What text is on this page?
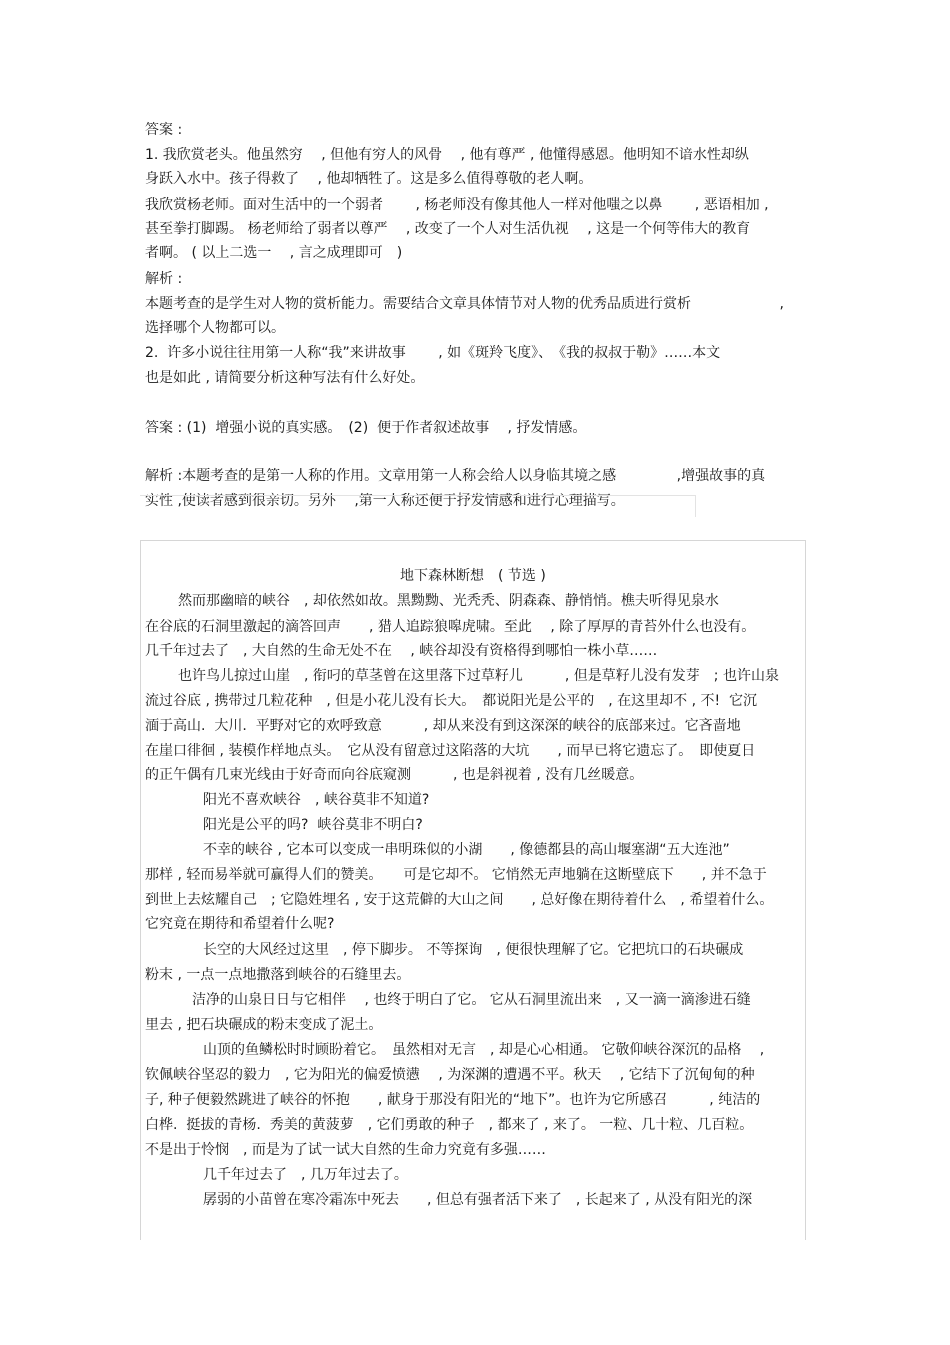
答案 :

1. 我欣赏老头。他虽然穷　 , 但他有穷人的风骨　 , 他有尊严 , 他懂得感恩。他明知不谙水性却纵

身跃入水中。孩子得救了　 , 他却牺牲了。这是多么值得尊敬的老人啊。

我欣赏杨老师。面对生活中的一个弱者　　 , 杨老师没有像其他人一样对他嗤之以鼻　　 , 恶语相加 ,

甚至拳打脚踢。 杨老师给了弱者以尊严　 , 改变了一个人对生活仇视　 , 这是一个何等伟大的教育

者啊。 ( 以上二选一　 , 言之成理即可　)

解析 :

本题考查的是学生对人物的赏析能力。需要结合文章具体情节对人物的优秀品质进行赏析　　　　　　 ,

选择哪个人物都可以。

2.  许多小说往往用第一人称“我”来讲故事　　 , 如《斑羚飞度》、　《我的叔叔于勒》……本文

也是如此 , 请简要分析这种写法有什么好处。

答案 : (1)  增强小说的真实感。　(2)  便于作者叙述故事　 , 抒发情感。

解析 :本题考查的是第一人称的作用。文章用第一人称会给人以身临其境之感　　　　 ,增强故事的真

实性 ,使读者感到很亲切。另外　 ,第一人称还便于抒发情感和进行心理描写。

地下森林断想　( 节选 )

然而那幽暗的峡谷　, 却依然如故。黑黝黝、光秃秃、阴森森、静悄悄。樵夫听得见泉水

在谷底的石洞里激起的滴答回声　　, 猎人追踪狼嗥虎啸。至此　 , 除了厚厚的青苔外什么也没有。

几千年过去了　, 大自然的生命无处不在　 , 峡谷却没有资格得到哪怕一株小草……

也许鸟儿掠过山崖　, 衔叼的草茎曾在这里落下过草籽儿　　　, 但是草籽儿没有发芽　; 也许山泉

流过谷底 , 携带过几粒花种　, 但是小花儿没有长大。　都说阳光是公平的　, 在这里却不 , 不!  它沉

湎于高山.  大川.  平野对它的欢呼致意　　　, 却从来没有到这深深的峡谷的底部来过。它吝啬地

在崖口徘徊 , 装模作样地点头。　它从没有留意过这陷落的大坑　　, 而早已将它遗忘了。　即使夏日

的正午偶有几束光线由于好奇而向谷底窥测　　　, 也是斜视着 , 没有几丝暖意。

阳光不喜欢峡谷　, 峡谷莫非不知道?

阳光是公平的吗?  峡谷莫非不明白?

不幸的峡谷 , 它本可以变成一串明珠似的小湖　　, 像德都县的高山堰塞湖“五大连池”

那样 , 轻而易举就可赢得人们的赞美。　　可是它却不。 它悄然无声地躺在这断壁底下　　, 并不急于

到世上去炫耀自己　; 它隐姓埋名 , 安于这荒僻的大山之间　　, 总好像在期待着什么　, 希望着什么。

它究竟在期待和希望着什么呢?

长空的大风经过这里　, 停下脚步。 不等探询　, 便很快理解了它。它把坑口的石块碾成

粉末 , 一点一点地撒落到峡谷的石缝里去。

洁净的山泉日日与它相伴　 , 也终于明白了它。 它从石洞里流出来　, 又一滴一滴渗进石缝

里去 , 把石块碾成的粉末变成了泥土。

山顶的鱼鳞松时时顾盼着它。　虽然相对无言　, 却是心心相通。 它敬仰峡谷深沉的品格　 ,

钦佩峡谷坚忍的毅力　, 它为阳光的偏爱愤懑　 , 为深渊的遭遇不平。秋天　 , 它结下了沉甸甸的种

子, 种子便毅然跳进了峡谷的怀抱　　, 献身于那没有阳光的“地下”。也许为它所感召　　　, 纯洁的

白桦.  挺拔的青杨.  秀美的黄菠萝　, 它们勇敢的种子　, 都来了 , 来了。 一粒、几十粒、几百粒。

不是出于怜悯　, 而是为了试一试大自然的生命力究竟有多强……

几千年过去了　, 几万年过去了。

孱弱的小苗曾在寒冷霜冻中死去　　, 但总有强者活下来了　, 长起来了 , 从没有阳光的深
